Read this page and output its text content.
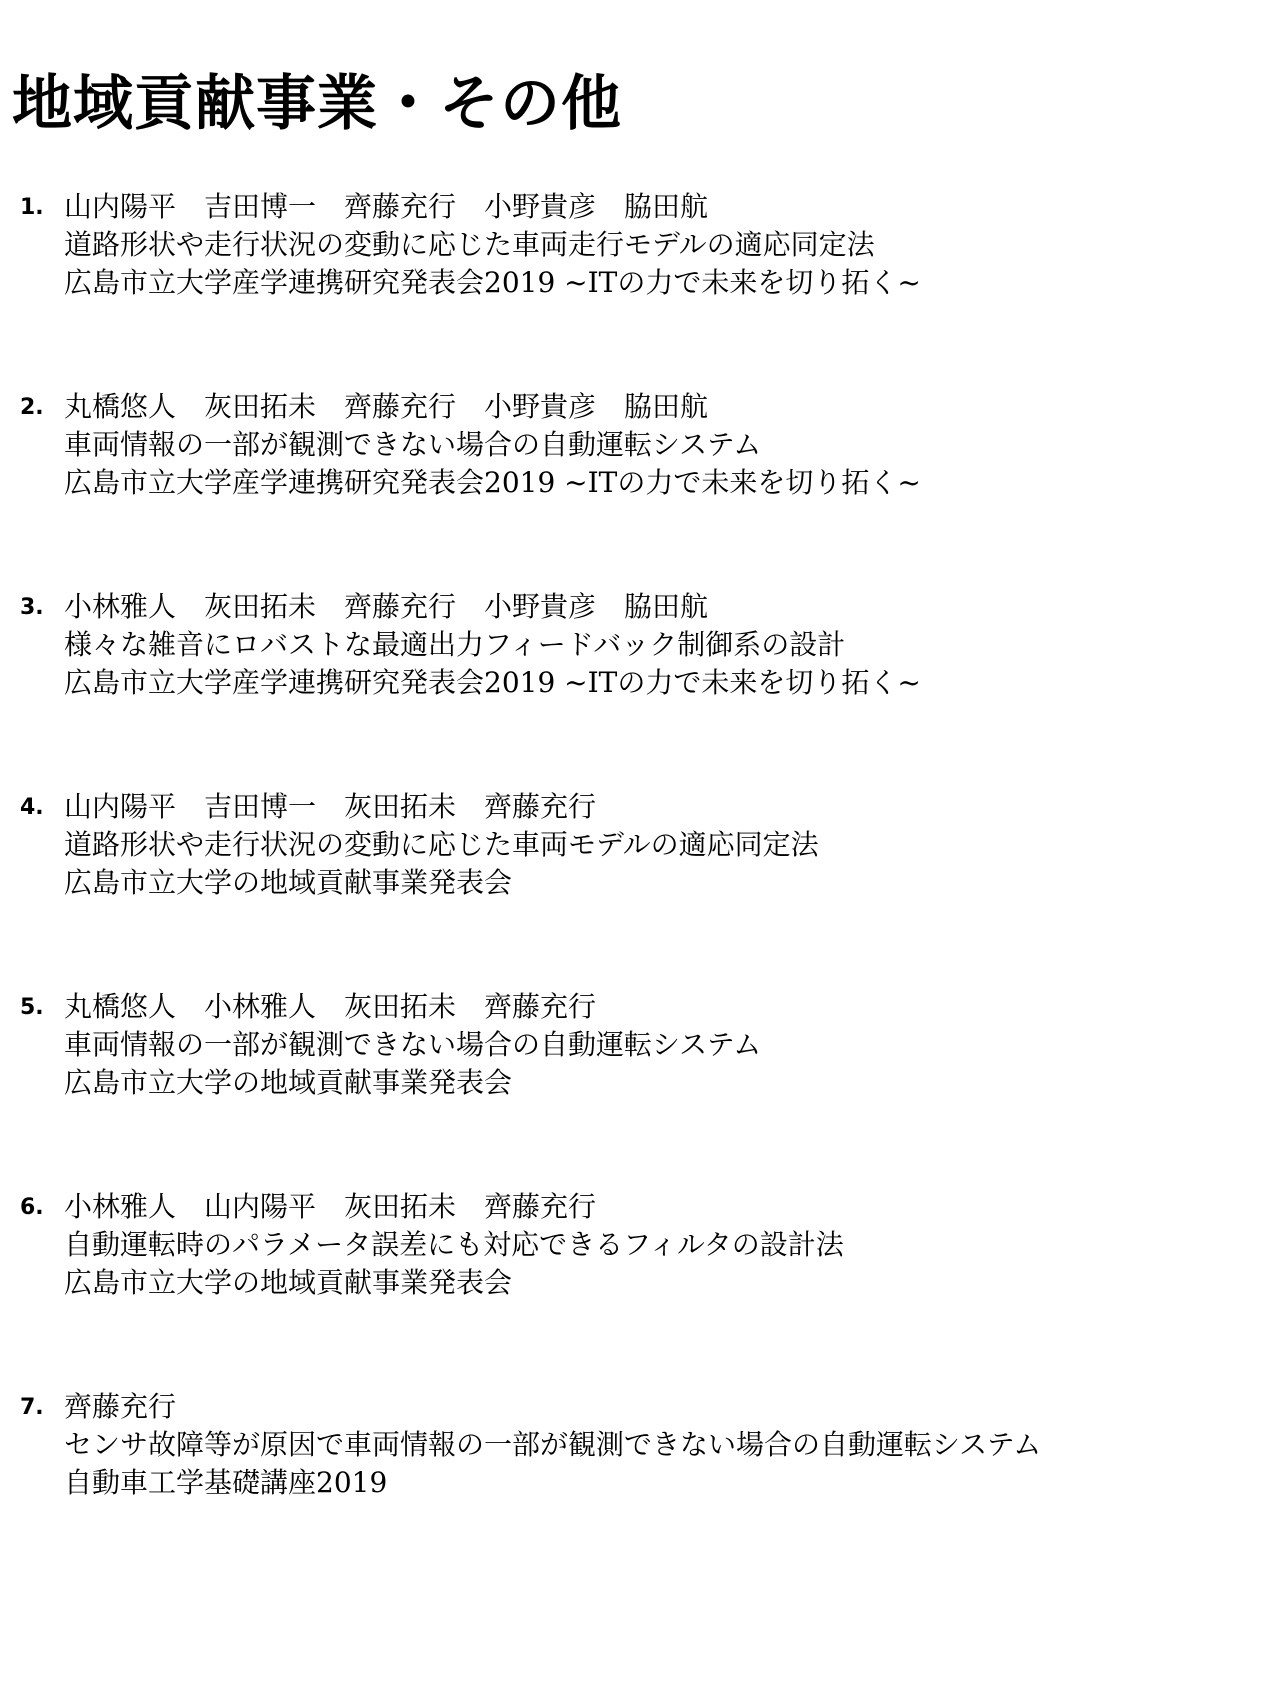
地域貢献事業・その他
1. 山内陽平　吉田博一　齊藤充行　小野貴彦　脇田航
道路形状や走行状況の変動に応じた車両走行モデルの適応同定法
広島市立大学産学連携研究発表会2019 ~ITの力で未来を切り拓く~
2. 丸橋悠人　灰田拓未　齊藤充行　小野貴彦　脇田航
車両情報の一部が観測できない場合の自動運転システム
広島市立大学産学連携研究発表会2019 ~ITの力で未来を切り拓く~
3. 小林雅人　灰田拓未　齊藤充行　小野貴彦　脇田航
様々な雑音にロバストな最適出力フィードバック制御系の設計
広島市立大学産学連携研究発表会2019 ~ITの力で未来を切り拓く~
4. 山内陽平　吉田博一　灰田拓未　齊藤充行
道路形状や走行状況の変動に応じた車両モデルの適応同定法
広島市立大学の地域貢献事業発表会
5. 丸橋悠人　小林雅人　灰田拓未　齊藤充行
車両情報の一部が観測できない場合の自動運転システム
広島市立大学の地域貢献事業発表会
6. 小林雅人　山内陽平　灰田拓未　齊藤充行
自動運転時のパラメータ誤差にも対応できるフィルタの設計法
広島市立大学の地域貢献事業発表会
7. 齊藤充行
センサ故障等が原因で車両情報の一部が観測できない場合の自動運転システム
自動車工学基礎講座2019
